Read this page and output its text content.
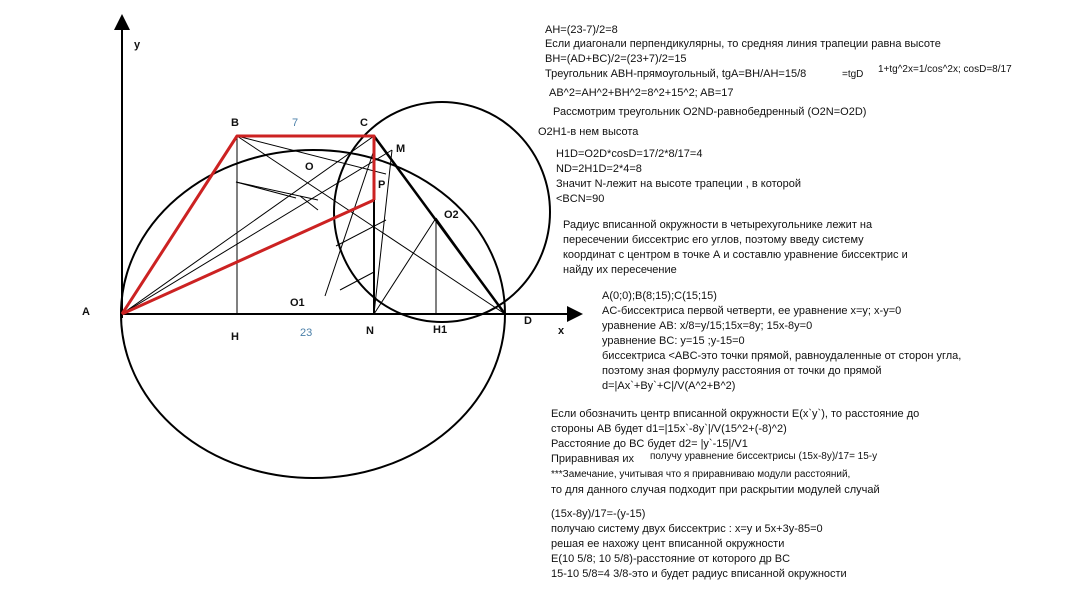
y
x
A
B	C
D
M
P
O
O1
O2
H	N	H1
7
23
AH=(23-7)/2=8
Если диагонали перпендикулярны, то средняя линия трапеции равна высоте
BH=(AD+BC)/2=(23+7)/2=15
Треугольник ABH-прямоугольный, tgA=BH/AH=15/8	=tgD 1+tg^2x=1/cos^2x; cosD=8/17
AB^2=AH^2+BH^2=8^2+15^2; AB=17
Рассмотрим треугольник O2ND-равнобедренный (O2N=O2D)
O2H1-в нем высота
H1D=O2D*cosD=17/2*8/17=4
ND=2H1D=2*4=8
Значит N-лежит на высоте трапеции , в которой
<BCN=90
Радиус вписанной окружности в четырехугольнике лежит на
пересечении биссектрис его углов, поэтому введу систему
координат с центром в точке А и составлю уравнение биссектрис и
найду их пересечение
A(0;0);B(8;15);C(15;15)
AC-биссектриса первой четверти, ее уравнение x=y; x-y=0
уравнение AB: x/8=y/15;15x=8y; 15x-8y=0
уравнение BC: y=15 ;y-15=0
биссектриса <ABC-это точки прямой, равноудаленные от сторон угла,
поэтому зная формулу расстояния от точки до прямой
d=|Ax`+By`+C|/V(A^2+B^2)
Если обозначить центр вписанной окружности E(x`y`), то расстояние до
стороны AB будет d1=|15x`-8y`|/V(15^2+(-8)^2)
Расстояние до BC будет d2= |y`-15|/V1
Приравнивая их получу уравнение биссектрисы (15x-8y)/17= 15-y
***Замечание, учитывая что я приравниваю модули расстояний,
то для данного случая подходит при раскрытии модулей случай
(15x-8y)/17=-(y-15)
получаю систему двух биссектрис : x=y и 5x+3y-85=0
решая ее нахожу цент вписанной окружности
E(10 5/8; 10 5/8)-расстояние от которого др BC
15-10 5/8=4 3/8-это и будет радиус вписанной окружности
